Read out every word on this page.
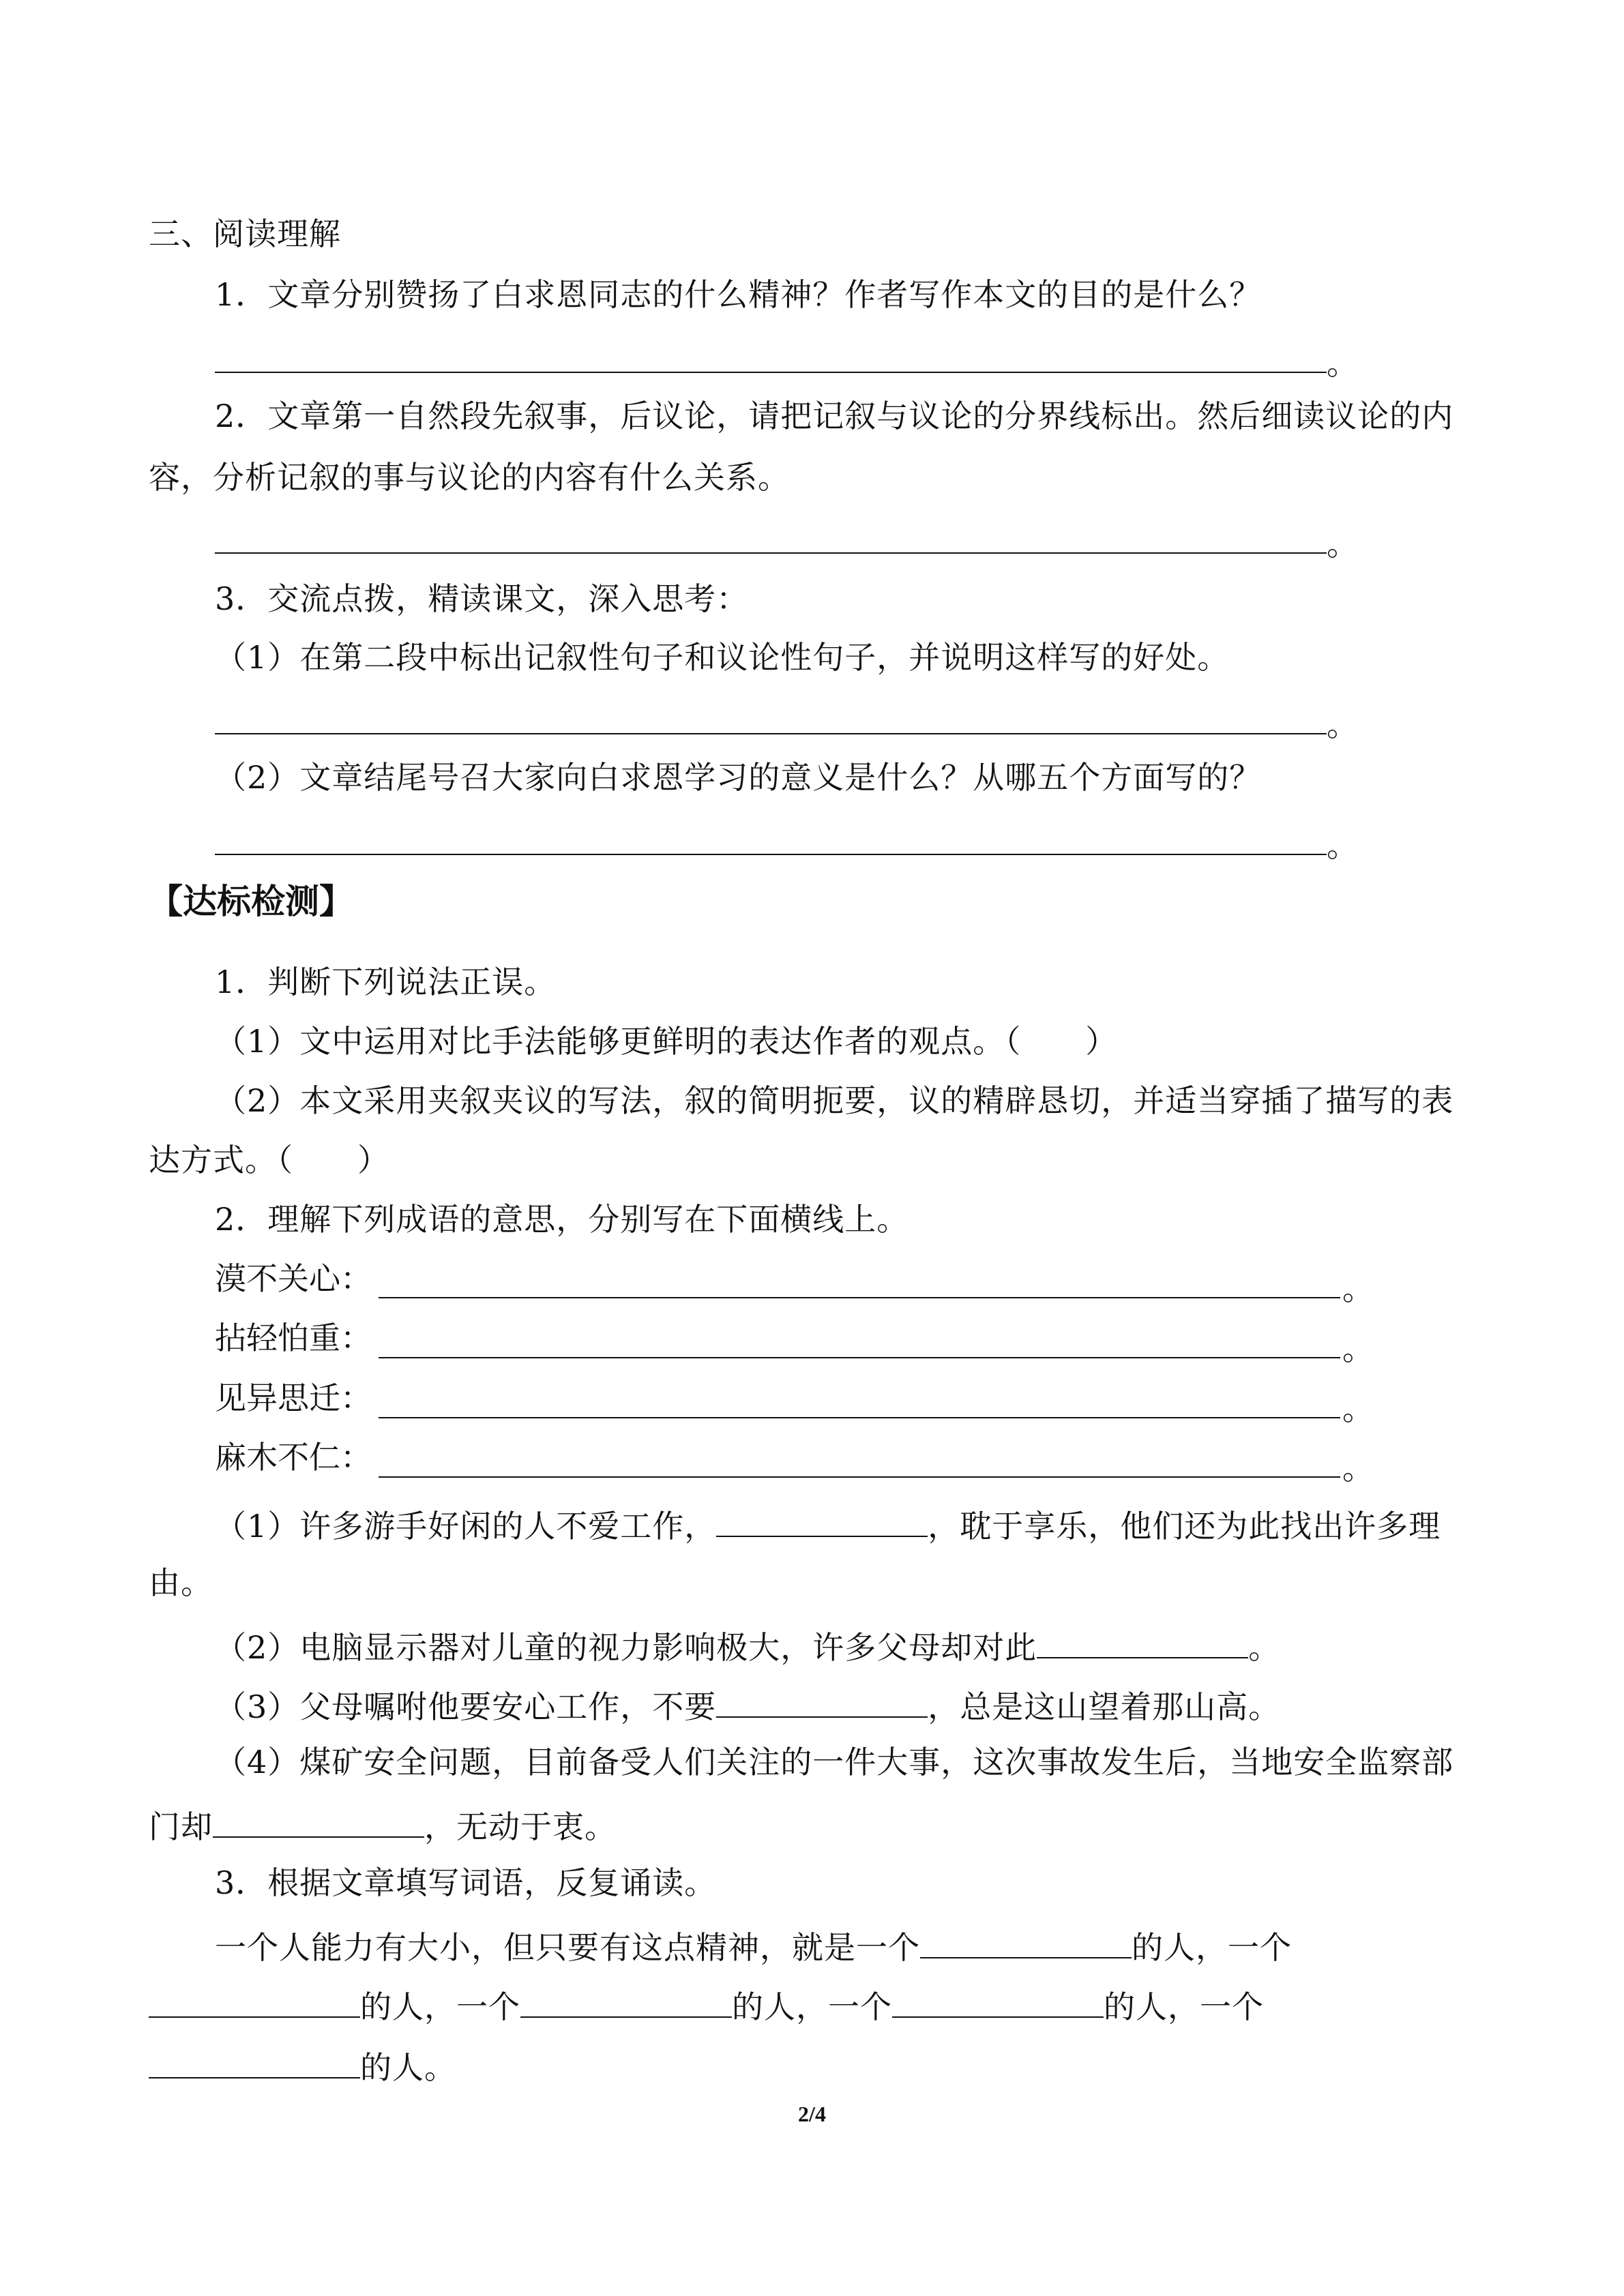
三、阅读理解
1．文章分别赞扬了白求恩同志的什么精神？作者写作本文的目的是什么？
。
2．文章第一自然段先叙事，后议论，请把记叙与议论的分界线标出。然后细读议论的内
容，分析记叙的事与议论的内容有什么关系。
。
3．交流点拨，精读课文，深入思考：
（1）在第二段中标出记叙性句子和议论性句子，并说明这样写的好处。
。
（2）文章结尾号召大家向白求恩学习的意义是什么？从哪五个方面写的？
。
【达标检测】
1．判断下列说法正误。
（1）文中运用对比手法能够更鲜明的表达作者的观点。（　　）
（2）本文采用夹叙夹议的写法，叙的简明扼要，议的精辟恳切，并适当穿插了描写的表
达方式。（　　）
2．理解下列成语的意思，分别写在下面横线上。
漠不关心：	。
拈轻怕重：	。
见异思迁：	。
麻木不仁：	。
（1）许多游手好闲的人不爱工作，	，耽于享乐，他们还为此找出许多理
由。
（2）电脑显示器对儿童的视力影响极大，许多父母却对此	。
（3）父母嘱咐他要安心工作，不要	，总是这山望着那山高。
（4）煤矿安全问题，目前备受人们关注的一件大事，这次事故发生后，当地安全监察部
门却	，无动于衷。
3．根据文章填写词语，反复诵读。
一个人能力有大小，但只要有这点精神，就是一个	的人，一个
的人，一个	的人，一个	的人，一个
的人。
2/4
